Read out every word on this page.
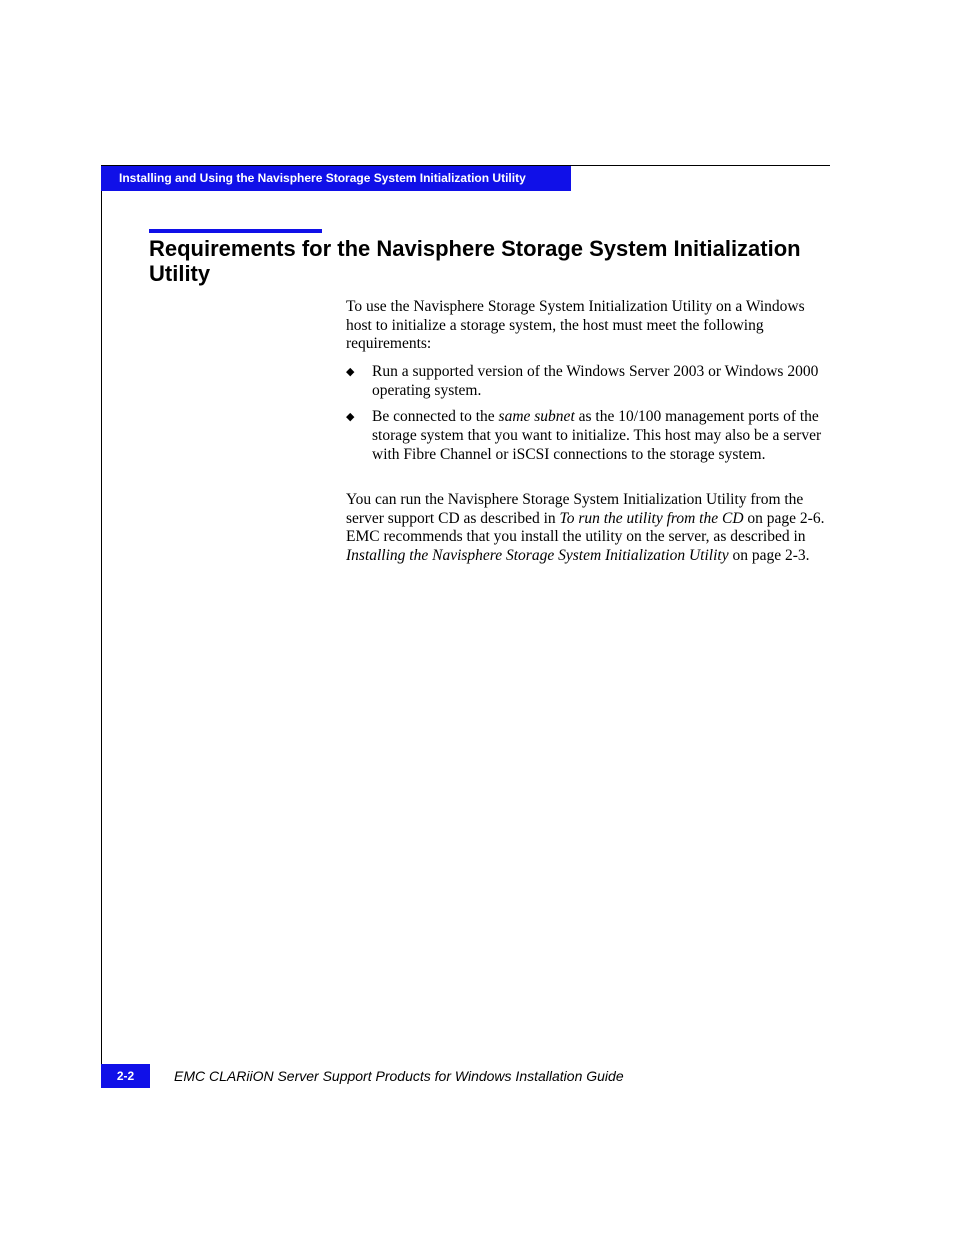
Installing and Using the Navisphere Storage System Initialization Utility
Requirements for the Navisphere Storage System Initialization Utility

To use the Navisphere Storage System Initialization Utility on a Windows host to initialize a storage system, the host must meet the following requirements:

◆ Run a supported version of the Windows Server 2003 or Windows 2000 operating system.
◆ Be connected to the same subnet as the 10/100 management ports of the storage system that you want to initialize. This host may also be a server with Fibre Channel or iSCSI connections to the storage system.

You can run the Navisphere Storage System Initialization Utility from the server support CD as described in To run the utility from the CD on page 2-6. EMC recommends that you install the utility on the server, as described in Installing the Navisphere Storage System Initialization Utility on page 2-3.

2-2	EMC CLARiiON Server Support Products for Windows Installation Guide
